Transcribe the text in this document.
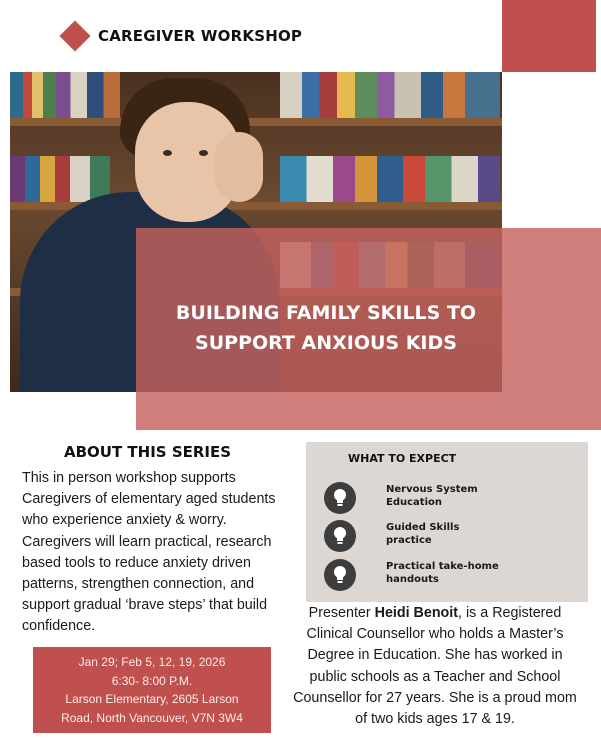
CAREGIVER WORKSHOP
BUILDING FAMILY SKILLS TO
SUPPORT ANXIOUS KIDS
ABOUT THIS SERIES
This in person workshop supports Caregivers of elementary aged students who experience anxiety & worry. Caregivers will learn practical, research based tools to reduce anxiety driven patterns, strengthen connection, and support gradual ‘brave steps’ that build confidence.
Jan 29; Feb 5, 12, 19, 2026
6:30- 8:00 P.M.
Larson Elementary, 2605 Larson
Road, North Vancouver, V7N 3W4
WHAT TO EXPECT
Nervous System
Education
Guided Skills
practice
Practical take-home
handouts
Presenter Heidi Benoit, is a Registered Clinical Counsellor who holds a Master’s Degree in Education. She has worked in public schools as a Teacher and School Counsellor for 27 years. She is a proud mom of two kids ages 17 & 19.
